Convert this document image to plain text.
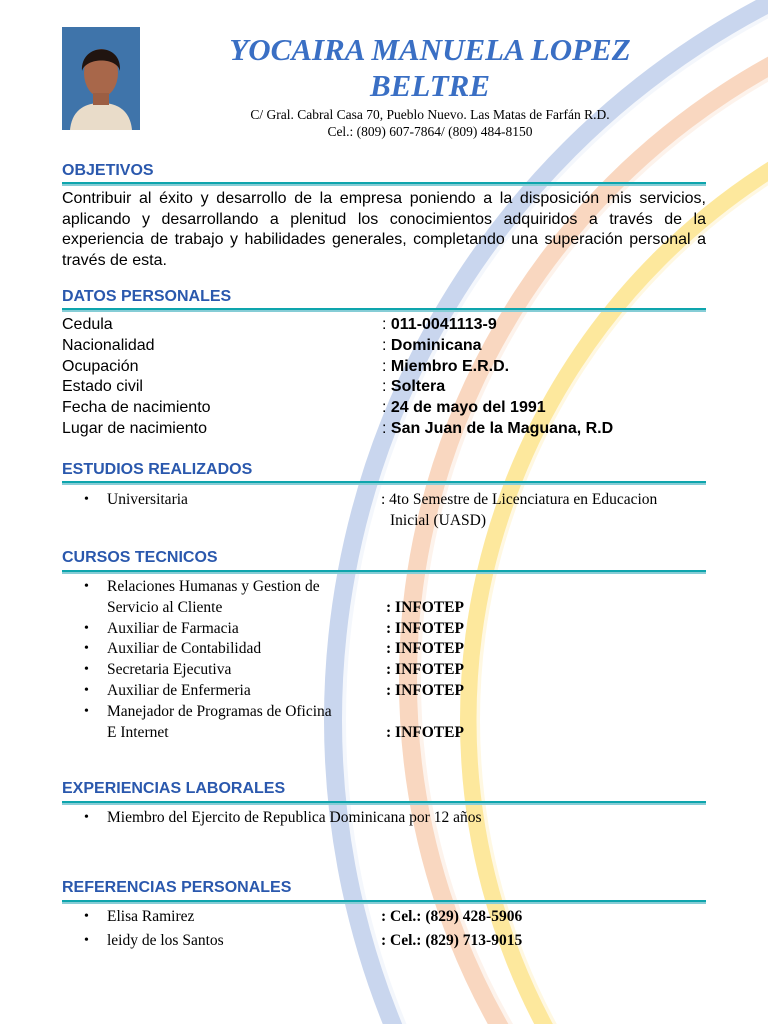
YOCAIRA MANUELA LOPEZ
BELTRE

C/ Gral. Cabral Casa 70, Pueblo Nuevo. Las Matas de Farfán R.D.

Cel.: (809) 607-7864/ (809) 484-8150

OBJETIVOS

Contribuir al éxito y desarrollo de la empresa poniendo a la disposición mis servicios, aplicando y desarrollando a plenitud los conocimientos adquiridos a través de la experiencia de trabajo y habilidades generales, completando una superación personal a través de esta.

DATOS PERSONALES
Cedula	: 011-0041113-9
Nacionalidad	: Dominicana
Ocupación	: Miembro E.R.D.
Estado civil	: Soltera
Fecha de nacimiento	: 24 de mayo del 1991
Lugar de nacimiento	: San Juan de la Maguana, R.D
ESTUDIOS REALIZADOS
• Universitaria	: 4to Semestre de Licenciatura en Educacion
Inicial (UASD)
CURSOS TECNICOS
• Relaciones Humanas y Gestion de
Servicio al Cliente	: INFOTEP
• Auxiliar de Farmacia	: INFOTEP
• Auxiliar de Contabilidad	: INFOTEP
• Secretaria Ejecutiva	: INFOTEP
• Auxiliar de Enfermeria	: INFOTEP
• Manejador de Programas de Oficina
E Internet	: INFOTEP
EXPERIENCIAS LABORALES
• Miembro del Ejercito de Republica Dominicana por 12 años
REFERENCIAS PERSONALES
• Elisa Ramirez	: Cel.: (829) 428-5906
• leidy de los Santos	: Cel.: (829) 713-9015
